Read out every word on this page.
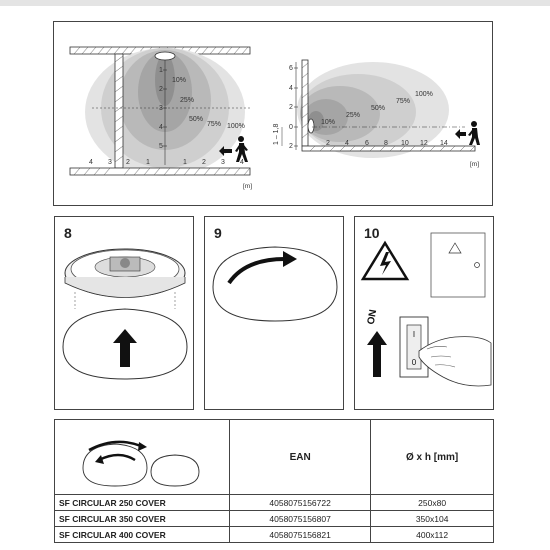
1
2
3
4
5
4 3 2 1	1 2 3 4
10%
25%
50%
75% 100%
[m]
6
4
2
0
2	2 4 6 8 10 12 14
10%
25%
50%
75%
100%
1 – 1,8
[m]
8	9	10
ON
I
0
	EAN	Ø x h [mm]
SF CIRCULAR 250 COVER	4058075156722	250x80
SF CIRCULAR 350 COVER	4058075156807	350x104
SF CIRCULAR 400 COVER	4058075156821	400x112
